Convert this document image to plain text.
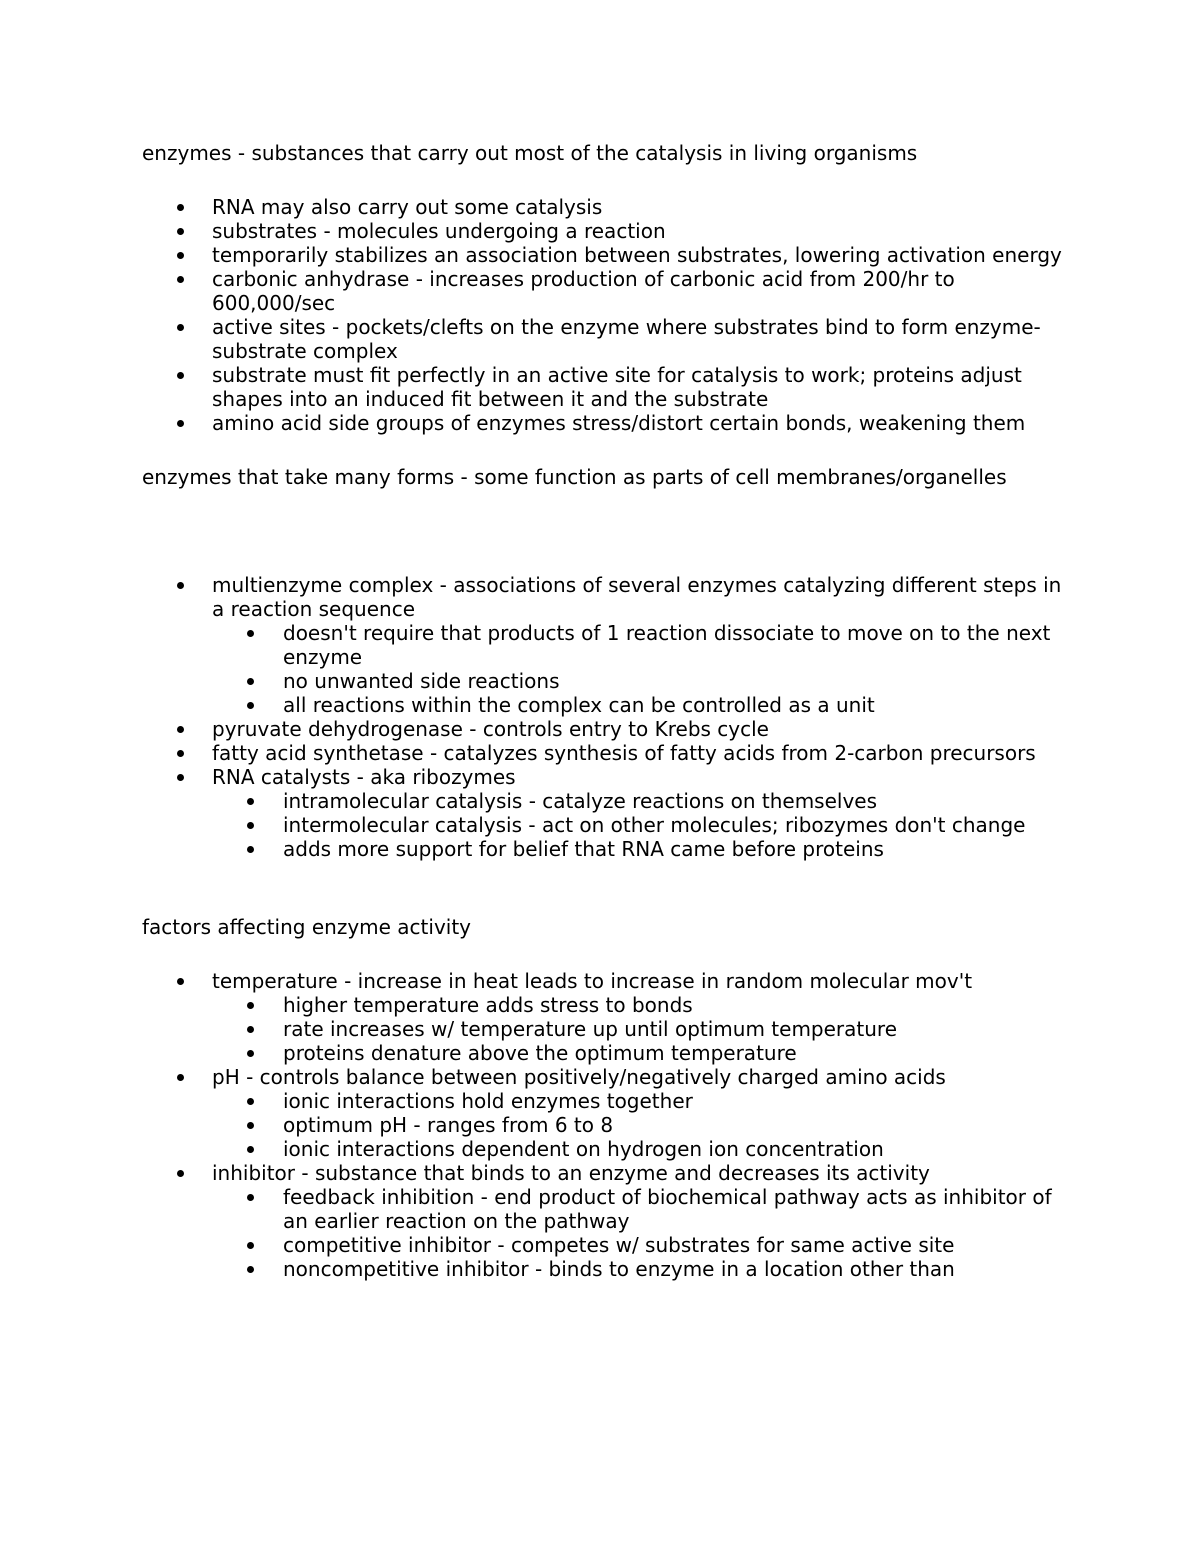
enzymes - substances that carry out most of the catalysis in living organisms

RNA may also carry out some catalysis
substrates - molecules undergoing a reaction
temporarily stabilizes an association between substrates, lowering activation energy
carbonic anhydrase - increases production of carbonic acid from 200/hr to 600,000/sec
active sites - pockets/clefts on the enzyme where substrates bind to form enzyme-substrate complex
substrate must fit perfectly in an active site for catalysis to work; proteins adjust shapes into an induced fit between it and the substrate
amino acid side groups of enzymes stress/distort certain bonds, weakening them

enzymes that take many forms - some function as parts of cell membranes/organelles

multienzyme complex - associations of several enzymes catalyzing different steps in a reaction sequence
doesn't require that products of 1 reaction dissociate to move on to the next enzyme
no unwanted side reactions
all reactions within the complex can be controlled as a unit
pyruvate dehydrogenase - controls entry to Krebs cycle
fatty acid synthetase - catalyzes synthesis of fatty acids from 2-carbon precursors
RNA catalysts - aka ribozymes
intramolecular catalysis - catalyze reactions on themselves
intermolecular catalysis - act on other molecules; ribozymes don't change
adds more support for belief that RNA came before proteins

factors affecting enzyme activity

temperature - increase in heat leads to increase in random molecular mov't
higher temperature adds stress to bonds
rate increases w/ temperature up until optimum temperature
proteins denature above the optimum temperature
pH - controls balance between positively/negatively charged amino acids
ionic interactions hold enzymes together
optimum pH - ranges from 6 to 8
ionic interactions dependent on hydrogen ion concentration
inhibitor - substance that binds to an enzyme and decreases its activity
feedback inhibition - end product of biochemical pathway acts as inhibitor of an earlier reaction on the pathway
competitive inhibitor - competes w/ substrates for same active site
noncompetitive inhibitor - binds to enzyme in a location other than
